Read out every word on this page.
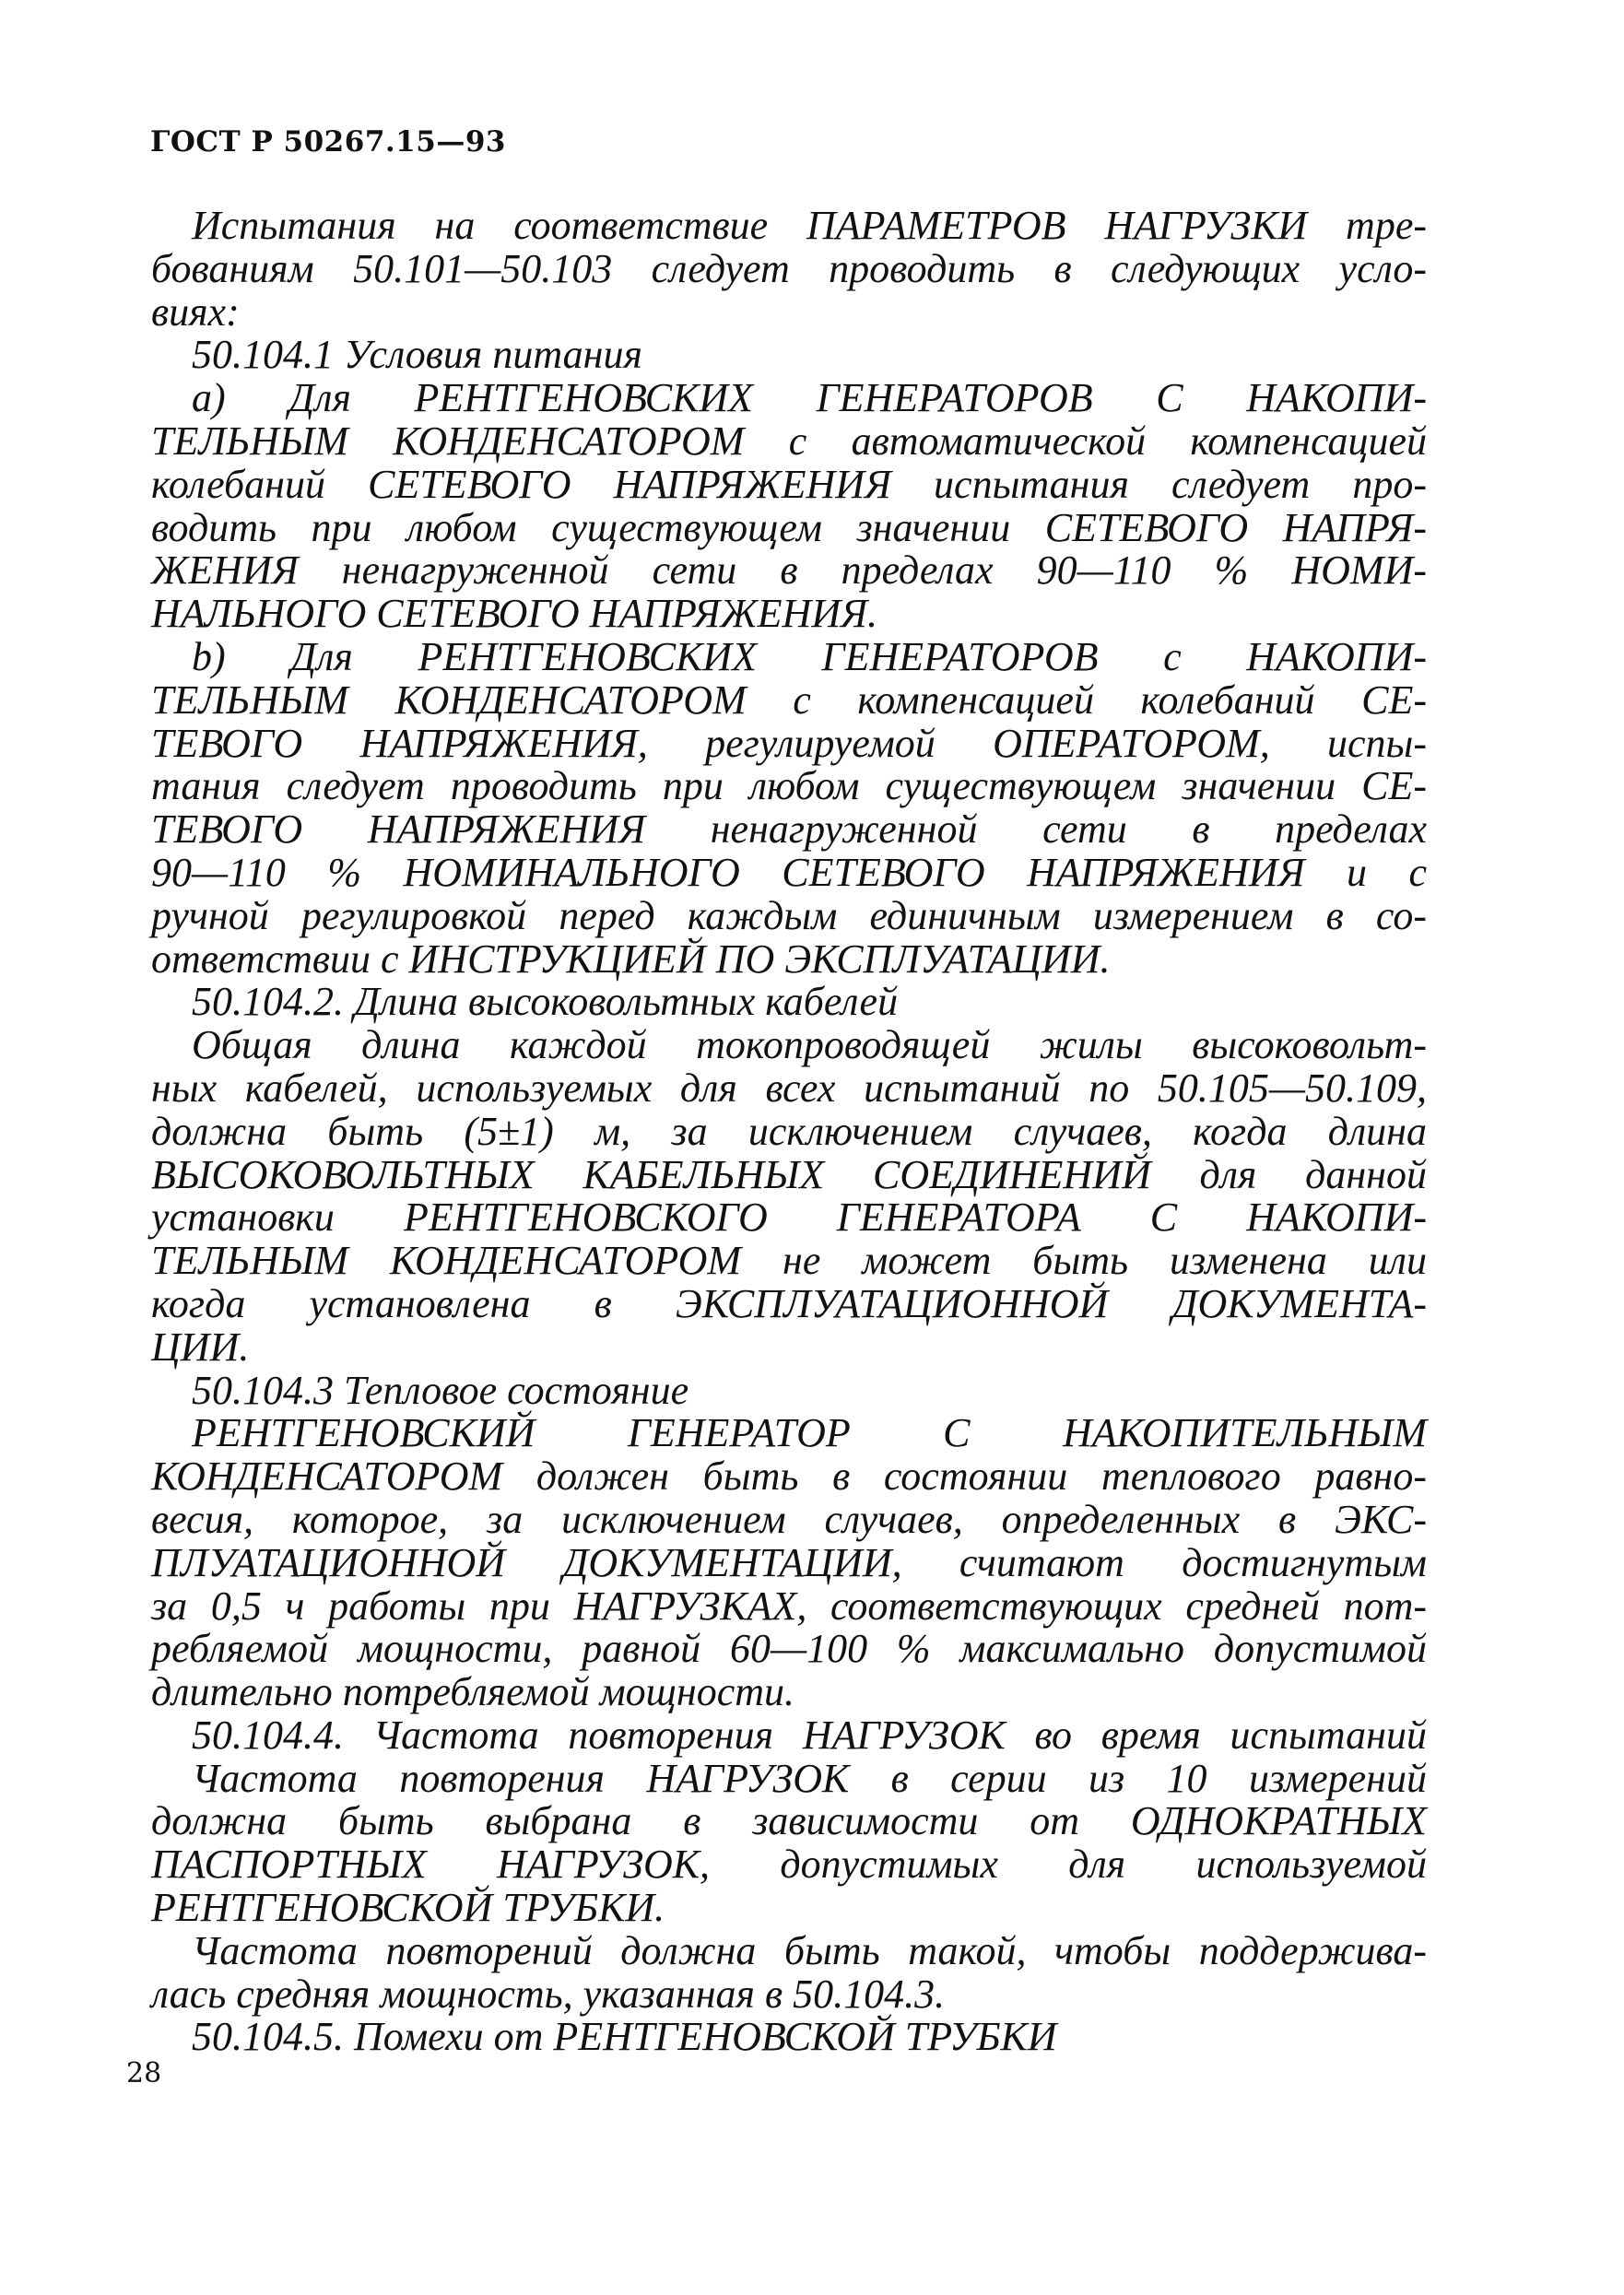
ГОСТ Р 50267.15—93
Испытания на соответствие ПАРАМЕТРОВ НАГРУЗКИ тре-
бованиям 50.101—50.103 следует проводить в следующих усло-
виях:
50.104.1 Условия питания
а) Для РЕНТГЕНОВСКИХ ГЕНЕРАТОРОВ С НАКОПИ-
ТЕЛЬНЫМ КОНДЕНСАТОРОМ с автоматической компенсацией
колебаний СЕТЕВОГО НАПРЯЖЕНИЯ испытания следует про-
водить при любом существующем значении СЕТЕВОГО НАПРЯ-
ЖЕНИЯ ненагруженной сети в пределах 90—110 % НОМИ-
НАЛЬНОГО СЕТЕВОГО НАПРЯЖЕНИЯ.
b) Для РЕНТГЕНОВСКИХ ГЕНЕРАТОРОВ с НАКОПИ-
ТЕЛЬНЫМ КОНДЕНСАТОРОМ с компенсацией колебаний СЕ-
ТЕВОГО НАПРЯЖЕНИЯ, регулируемой ОПЕРАТОРОМ, испы-
тания следует проводить при любом существующем значении СЕ-
ТЕВОГО НАПРЯЖЕНИЯ ненагруженной сети в пределах
90—110 % НОМИНАЛЬНОГО СЕТЕВОГО НАПРЯЖЕНИЯ и с
ручной регулировкой перед каждым единичным измерением в со-
ответствии с ИНСТРУКЦИЕЙ ПО ЭКСПЛУАТАЦИИ.
50.104.2. Длина высоковольтных кабелей
Общая длина каждой токопроводящей жилы высоковольт-
ных кабелей, используемых для всех испытаний по 50.105—50.109,
должна быть (5±1) м, за исключением случаев, когда длина
ВЫСОКОВОЛЬТНЫХ КАБЕЛЬНЫХ СОЕДИНЕНИЙ для данной
установки РЕНТГЕНОВСКОГО ГЕНЕРАТОРА С НАКОПИ-
ТЕЛЬНЫМ КОНДЕНСАТОРОМ не может быть изменена или
когда установлена в ЭКСПЛУАТАЦИОННОЙ ДОКУМЕНТА-
ЦИИ.
50.104.3 Тепловое состояние
РЕНТГЕНОВСКИЙ ГЕНЕРАТОР С НАКОПИТЕЛЬНЫМ
КОНДЕНСАТОРОМ должен быть в состоянии теплового равно-
весия, которое, за исключением случаев, определенных в ЭКС-
ПЛУАТАЦИОННОЙ ДОКУМЕНТАЦИИ, считают достигнутым
за 0,5 ч работы при НАГРУЗКАХ, соответствующих средней пот-
ребляемой мощности, равной 60—100 % максимально допустимой
длительно потребляемой мощности.
50.104.4. Частота повторения НАГРУЗОК во время испытаний
Частота повторения НАГРУЗОК в серии из 10 измерений
должна быть выбрана в зависимости от ОДНОКРАТНЫХ
ПАСПОРТНЫХ НАГРУЗОК, допустимых для используемой
РЕНТГЕНОВСКОЙ ТРУБКИ.
Частота повторений должна быть такой, чтобы поддержива-
лась средняя мощность, указанная в 50.104.3.
50.104.5. Помехи от РЕНТГЕНОВСКОЙ ТРУБКИ
28
